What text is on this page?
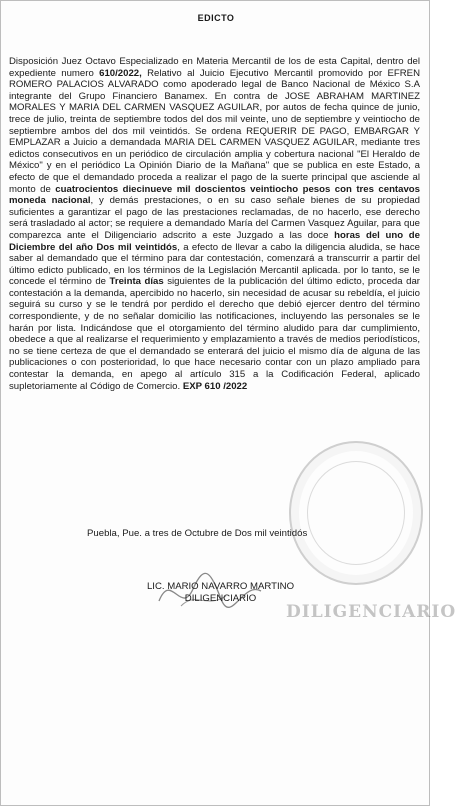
EDICTO

Disposición Juez Octavo Especializado en Materia Mercantil de los de esta Capital, dentro del expediente numero 610/2022, Relativo al Juicio Ejecutivo Mercantil promovido por EFREN ROMERO PALACIOS ALVARADO como apoderado legal de Banco Nacional de México S.A integrante del Grupo Financiero Banamex. En contra de JOSE ABRAHAM MARTINEZ MORALES Y MARIA DEL CARMEN VASQUEZ AGUILAR, por autos de fecha quince de junio, trece de julio, treinta de septiembre todos del dos mil veinte, uno de septiembre y veintiocho de septiembre ambos del dos mil veintidós. Se ordena REQUERIR DE PAGO, EMBARGAR Y EMPLAZAR a Juicio a demandada MARIA DEL CARMEN VASQUEZ AGUILAR, mediante tres edictos consecutivos en un periódico de circulación amplia y cobertura nacional "El Heraldo de México" y en el periódico La Opinión Diario de la Mañana" que se publica en este Estado, a efecto de que el demandado proceda a realizar el pago de la suerte principal que asciende al monto de cuatrocientos diecinueve mil doscientos veintiocho pesos con tres centavos moneda nacional, y demás prestaciones, o en su caso señale bienes de su propiedad suficientes a garantizar el pago de las prestaciones reclamadas, de no hacerlo, ese derecho será trasladado al actor; se requiere a demandado María del Carmen Vasquez Aguilar, para que comparezca ante el Diligenciario adscrito a este Juzgado a las doce horas del uno de Diciembre del año Dos mil veintidós, a efecto de llevar a cabo la diligencia aludida, se hace saber al demandado que el término para dar contestación, comenzará a transcurrir a partir del último edicto publicado, en los términos de la Legislación Mercantil aplicada. por lo tanto, se le concede el término de Treinta días siguientes de la publicación del último edicto, proceda dar contestación a la demanda, apercibido no hacerlo, sin necesidad de acusar su rebeldía, el juicio seguirá su curso y se le tendrá por perdido el derecho que debió ejercer dentro del término correspondiente, y de no señalar domicilio las notificaciones, incluyendo las personales se le harán por lista. Indicándose que el otorgamiento del término aludido para dar cumplimiento, obedece a que al realizarse el requerimiento y emplazamiento a través de medios periodísticos, no se tiene certeza de que el demandado se enterará del juicio el mismo día de alguna de las publicaciones o con posterioridad, lo que hace necesario contar con un plazo ampliado para contestar la demanda, en apego al artículo 315 a la Codificación Federal, aplicado supletoriamente al Código de Comercio. EXP 610 /2022

Puebla, Pue. a tres de Octubre de Dos mil veintidós
LIC. MARIO NAVARRO MARTINO
DILIGENCIARIO
DILIGENCIARIO
